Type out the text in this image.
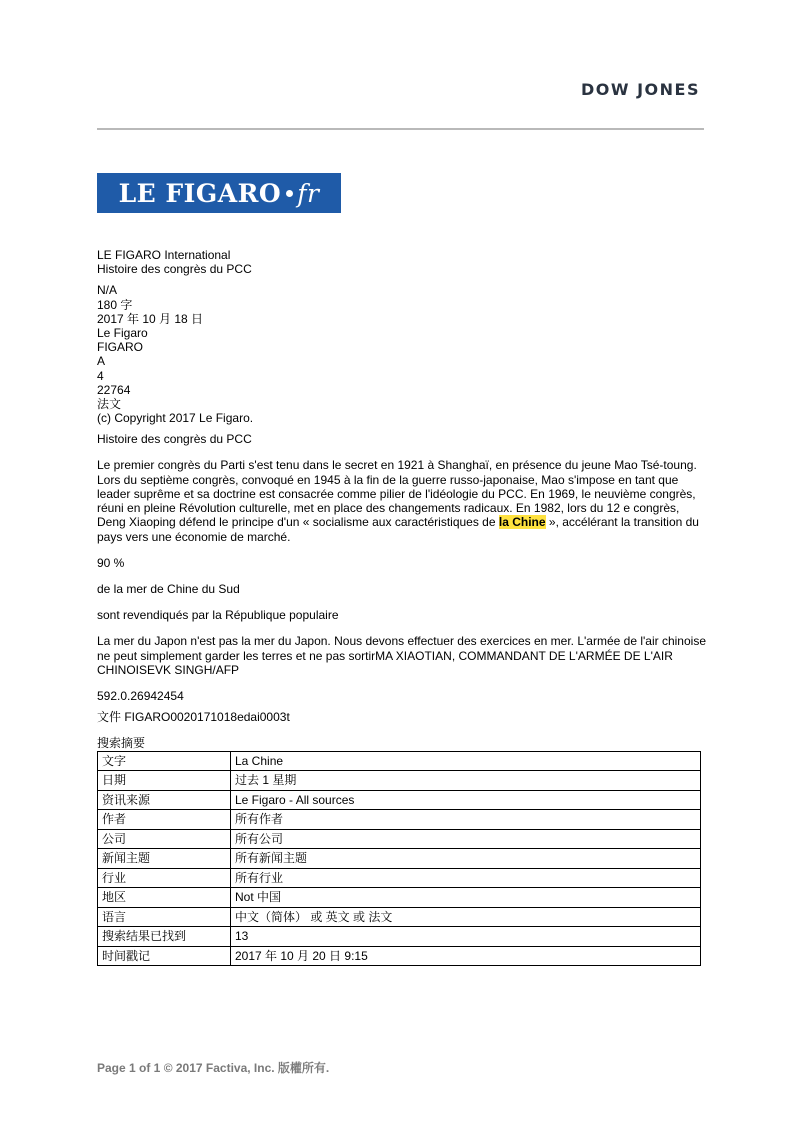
DOW JONES
LE FIGARO fr

LE FIGARO International

Histoire des congrès du PCC

N/A
180 字
2017 年 10 月 18 日
Le Figaro
FIGARO
A
4
22764
法文
(c) Copyright 2017 Le Figaro.

Histoire des congrès du PCC

Le premier congrès du Parti s'est tenu dans le secret en 1921 à Shanghaï, en présence du jeune Mao Tsé-toung. Lors du septième congrès, convoqué en 1945 à la fin de la guerre russo-japonaise, Mao s'impose en tant que leader suprême et sa doctrine est consacrée comme pilier de l'idéologie du PCC. En 1969, le neuvième congrès, réuni en pleine Révolution culturelle, met en place des changements radicaux. En 1982, lors du 12 e congrès, Deng Xiaoping défend le principe d'un « socialisme aux caractéristiques de la Chine », accélérant la transition du pays vers une économie de marché.

90 %

de la mer de Chine du Sud

sont revendiqués par la République populaire

La mer du Japon n'est pas la mer du Japon. Nous devons effectuer des exercices en mer. L'armée de l'air chinoise ne peut simplement garder les terres et ne pas sortirMA XIAOTIAN, COMMANDANT DE L'ARMÉE DE L'AIR CHINOISEVK SINGH/AFP

592.0.26942454

文件 FIGARO0020171018edai0003t

搜索摘要

文字	La Chine
日期	过去 1 星期
资讯来源	Le Figaro - All sources
作者	所有作者
公司	所有公司
新闻主题	所有新闻主题
行业	所有行业
地区	Not 中国
语言	中文（简体） 或 英文 或 法文
搜索结果已找到	13
时间戳记	2017 年 10 月 20 日 9:15
Page 1 of 1 © 2017 Factiva, Inc. 版權所有.
